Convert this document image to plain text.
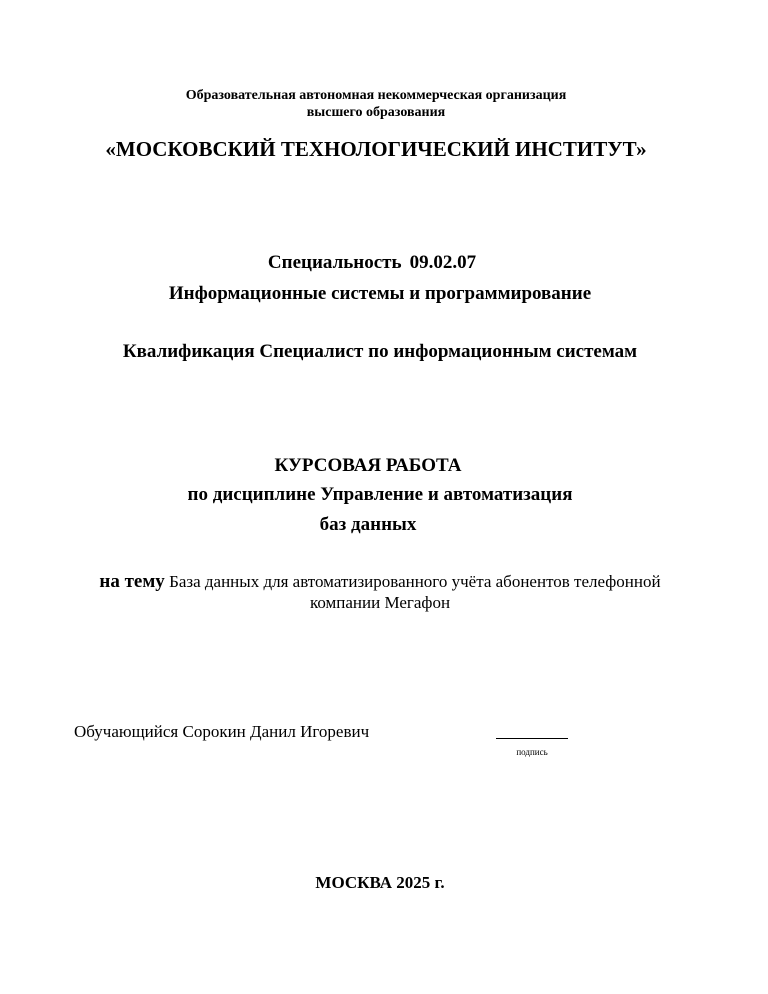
Образовательная автономная некоммерческая организация
высшего образования
«МОСКОВСКИЙ ТЕХНОЛОГИЧЕСКИЙ ИНСТИТУТ»
Специальность 09.02.07
Информационные системы и программирование
Квалификация Специалист по информационным системам
КУРСОВАЯ РАБОТА
по дисциплине Управление и автоматизация
баз данных
на тему База данных для автоматизированного учёта абонентов телефонной
компании Мегафон
Обучающийся Сорокин Данил Игоревич
подпись
МОСКВА 2025 г.
